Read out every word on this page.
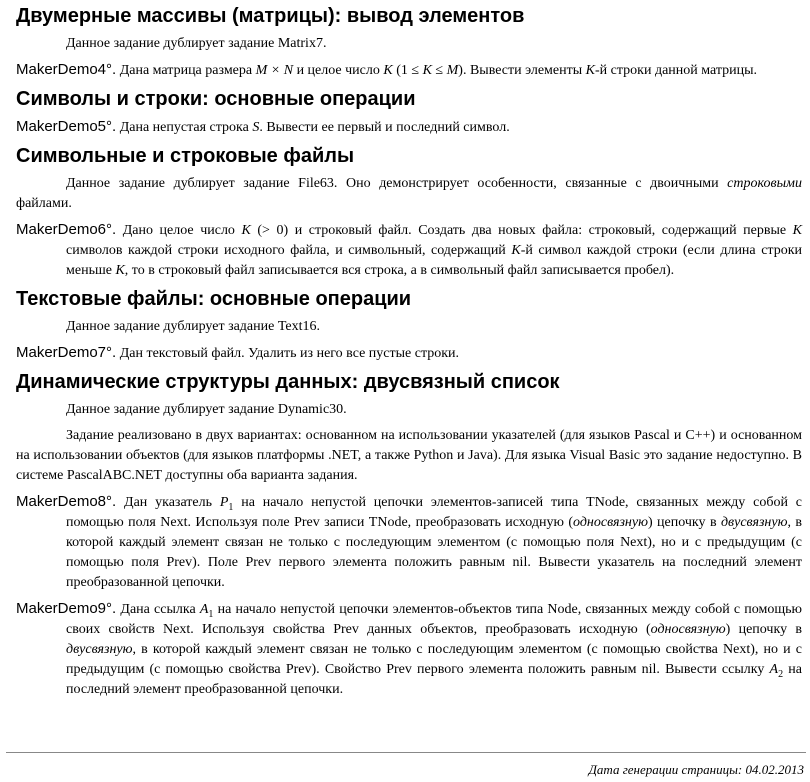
Двумерные массивы (матрицы): вывод элементов

Данное задание дублирует задание Matrix7.

MakerDemo4°. Дана матрица размера M × N и целое число K (1 ≤ K ≤ M). Вывести элементы K-й строки данной матрицы.

Символы и строки: основные операции

MakerDemo5°. Дана непустая строка S. Вывести ее первый и последний символ.

Символьные и строковые файлы

Данное задание дублирует задание File63. Оно демонстрирует особенности, связанные с двоичными строковыми файлами.

MakerDemo6°. Дано целое число K (> 0) и строковый файл. Создать два новых файла: строковый, содержащий первые K символов каждой строки исходного файла, и символьный, содержащий K-й символ каждой строки (если длина строки меньше K, то в строковый файл записывается вся строка, а в символьный файл записывается пробел).

Текстовые файлы: основные операции

Данное задание дублирует задание Text16.

MakerDemo7°. Дан текстовый файл. Удалить из него все пустые строки.

Динамические структуры данных: двусвязный список

Данное задание дублирует задание Dynamic30.

Задание реализовано в двух вариантах: основанном на использовании указателей (для языков Pascal и C++) и основанном на использовании объектов (для языков платформы .NET, а также Python и Java). Для языка Visual Basic это задание недоступно. В системе PascalABC.NET доступны оба варианта задания.

MakerDemo8°. Дан указатель $P_1$ на начало непустой цепочки элементов-записей типа TNode, связанных между собой с помощью поля Next. Используя поле Prev записи TNode, преобразовать исходную (односвязную) цепочку в двусвязную, в которой каждый элемент связан не только с последующим элементом (с помощью поля Next), но и с предыдущим (с помощью поля Prev). Поле Prev первого элемента положить равным nil. Вывести указатель на последний элемент преобразованной цепочки.

MakerDemo9°. Дана ссылка $A_1$ на начало непустой цепочки элементов-объектов типа Node, связанных между собой с помощью своих свойств Next. Используя свойства Prev данных объектов, преобразовать исходную (односвязную) цепочку в двусвязную, в которой каждый элемент связан не только с последующим элементом (с помощью свойства Next), но и с предыдущим (с помощью свойства Prev). Свойство Prev первого элемента положить равным nil. Вывести ссылку $A_2$ на последний элемент преобразованной цепочки.

Дата генерации страницы: 04.02.2013
